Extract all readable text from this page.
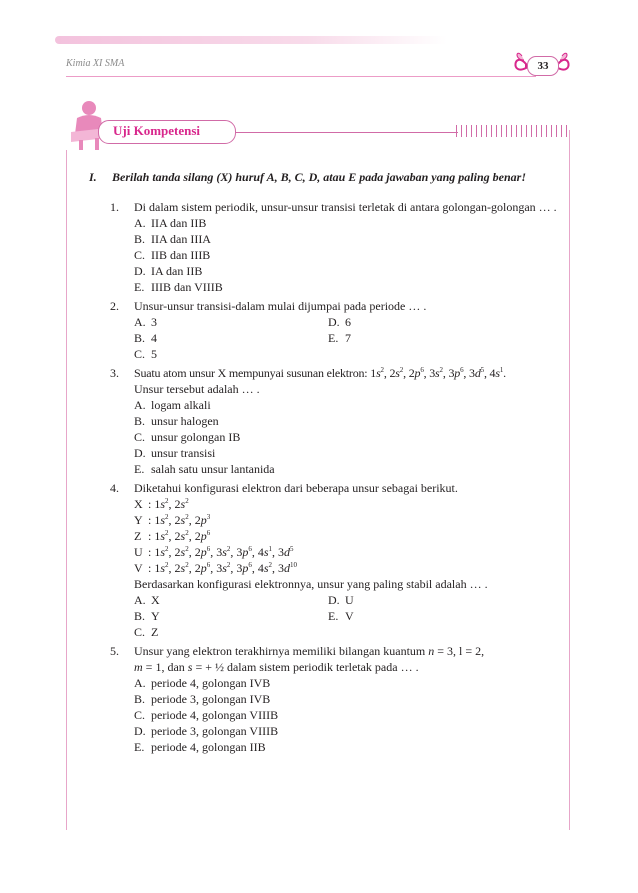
Kimia XI SMA	33
Uji Kompetensi
I. Berilah tanda silang (X) huruf A, B, C, D, atau E pada jawaban yang paling benar!
1. Di dalam sistem periodik, unsur-unsur transisi terletak di antara golongan-golongan … .
A. IIA dan IIB
B. IIA dan IIIA
C. IIB dan IIIB
D. IA dan IIB
E. IIIB dan VIIIB
2. Unsur-unsur transisi-dalam mulai dijumpai pada periode … .
A. 3	D. 6
B. 4	E. 7
C. 5
3. Suatu atom unsur X mempunyai susunan elektron: $1s^2$, $2s^2$, $2p^6$, $3s^2$, $3p^6$, $3d^5$, $4s^1$.
Unsur tersebut adalah … .
A. logam alkali
B. unsur halogen
C. unsur golongan IB
D. unsur transisi
E. salah satu unsur lantanida
4. Diketahui konfigurasi elektron dari beberapa unsur sebagai berikut.
X : $1s^2$, $2s^2$
Y : $1s^2$, $2s^2$, $2p^3$
Z : $1s^2$, $2s^2$, $2p^6$
U : $1s^2$, $2s^2$, $2p^6$, $3s^2$, $3p^6$, $4s^1$, $3d^5$
V : $1s^2$, $2s^2$, $2p^6$, $3s^2$, $3p^6$, $4s^2$, $3d^{10}$
Berdasarkan konfigurasi elektronnya, unsur yang paling stabil adalah … .
A. X	D. U
B. Y	E. V
C. Z
5. Unsur yang elektron terakhirnya memiliki bilangan kuantum n = 3, l = 2,
m = 1, dan s = + ½ dalam sistem periodik terletak pada … .
A. periode 4, golongan IVB
B. periode 3, golongan IVB
C. periode 4, golongan VIIIB
D. periode 3, golongan VIIIB
E. periode 4, golongan IIB
